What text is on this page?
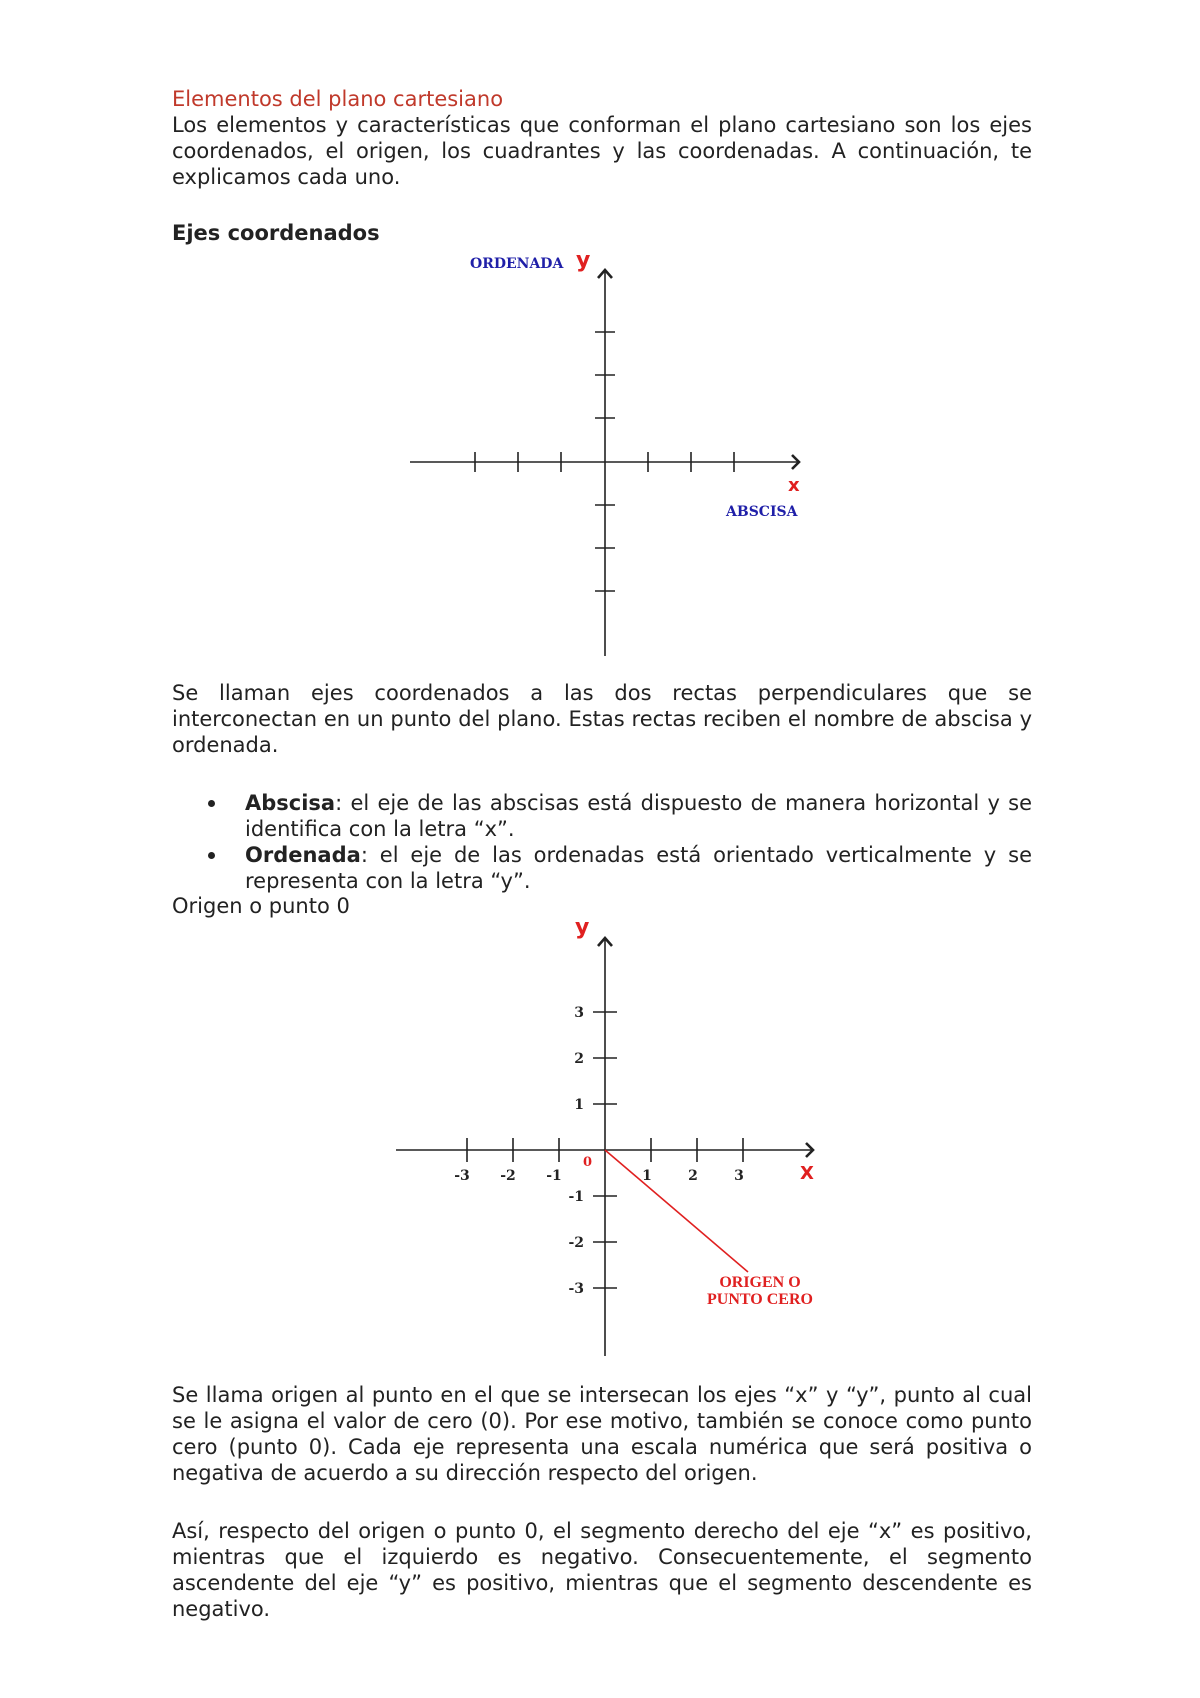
Elementos del plano cartesiano
Los elementos y características que conforman el plano cartesiano son los ejes coordenados, el origen, los cuadrantes y las coordenadas. A continuación, te explicamos cada uno.
Ejes coordenados
ORDENADA y
x
ABSCISA
Se llaman ejes coordenados a las dos rectas perpendiculares que se interconectan en un punto del plano. Estas rectas reciben el nombre de abscisa y ordenada.
Abscisa: el eje de las abscisas está dispuesto de manera horizontal y se identifica con la letra “x”.
Ordenada: el eje de las ordenadas está orientado verticalmente y se representa con la letra “y”.
Origen o punto 0
-3 -2 -1	1	2	3
3
2
1
-1
-2
-3
0
y
X
ORIGEN O
PUNTO CERO
Se llama origen al punto en el que se intersecan los ejes “x” y “y”, punto al cual se le asigna el valor de cero (0). Por ese motivo, también se conoce como punto cero (punto 0). Cada eje representa una escala numérica que será positiva o negativa de acuerdo a su dirección respecto del origen.
Así, respecto del origen o punto 0, el segmento derecho del eje “x” es positivo, mientras que el izquierdo es negativo. Consecuentemente, el segmento ascendente del eje “y” es positivo, mientras que el segmento descendente es negativo.
